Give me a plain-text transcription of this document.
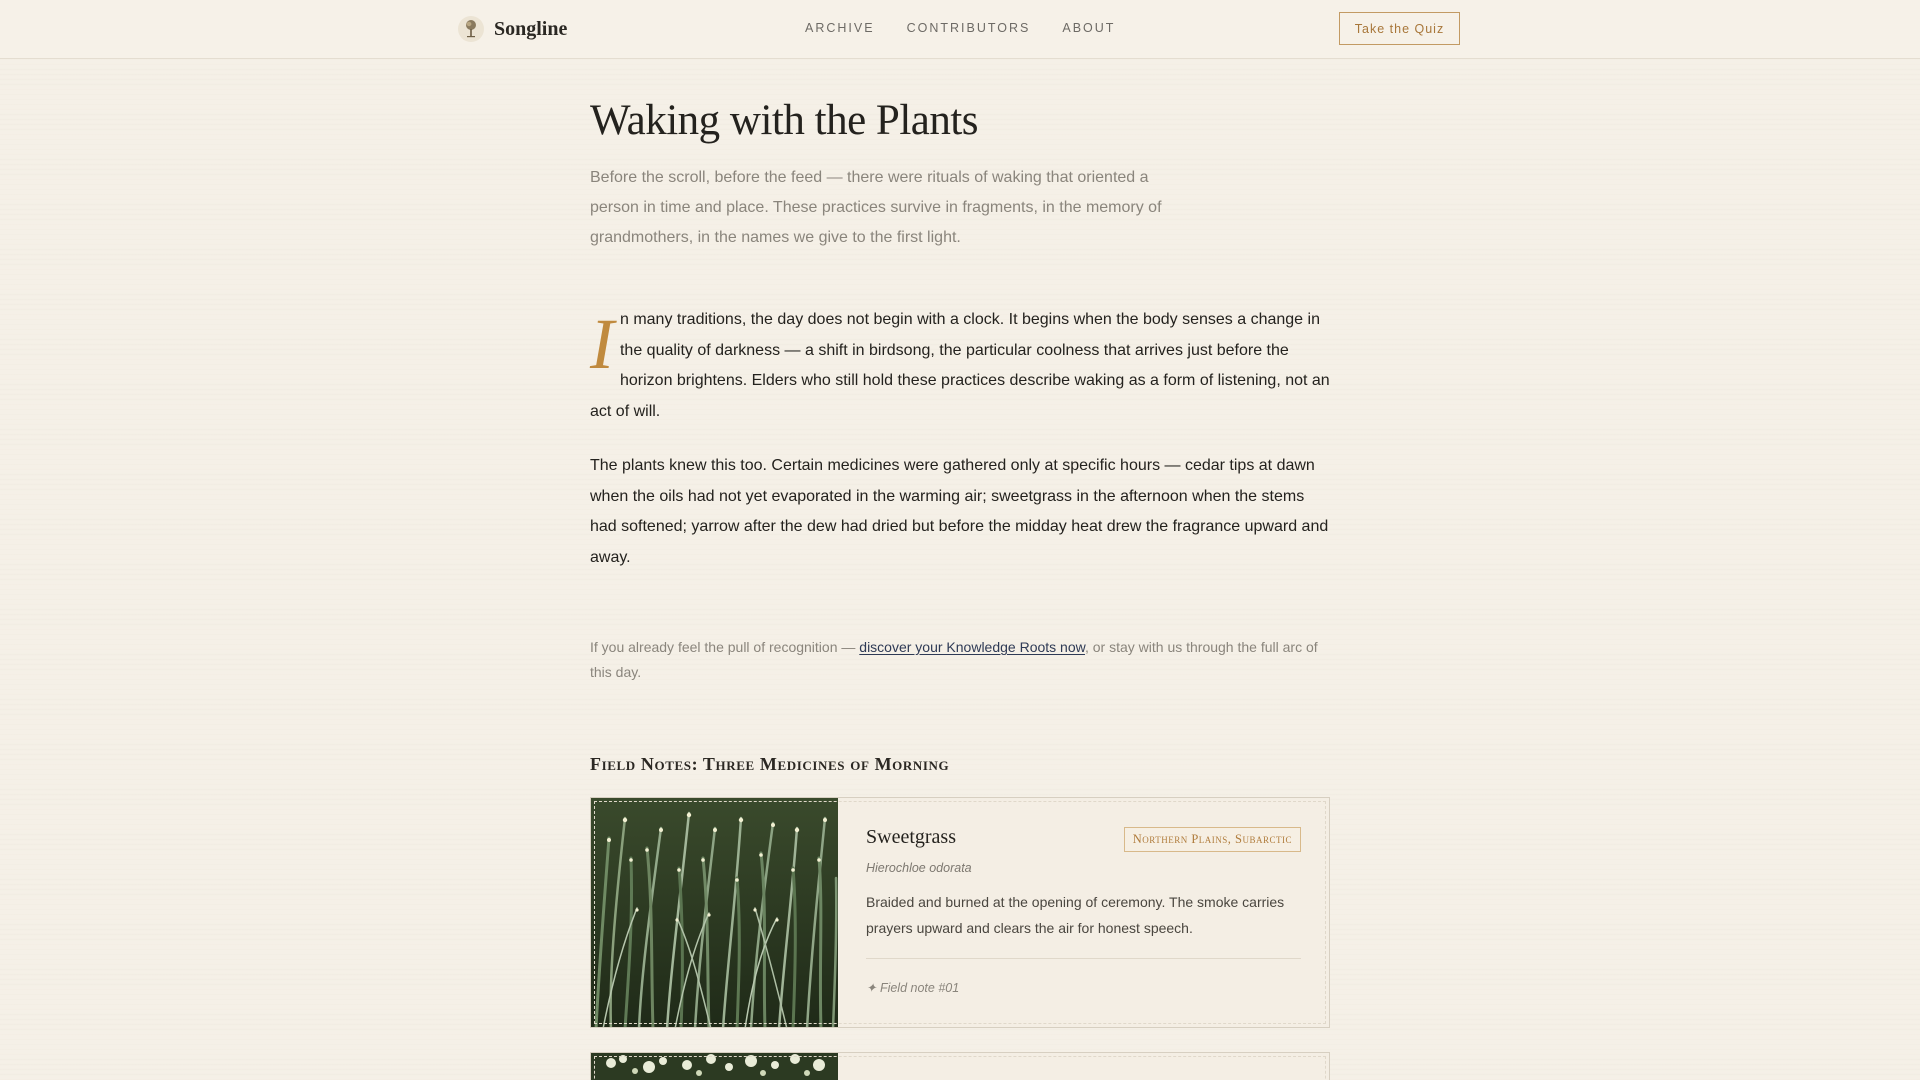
Songline	ARCHIVE	CONTRIBUTORS	ABOUT	Take the Quiz
Waking with the Plants

Before the scroll, before the feed — there were rituals of waking that oriented a person in time and place. These practices survive in fragments, in the memory of grandmothers, in the names we give to the first light.

In many traditions, the day does not begin with a clock. It begins when the body senses a change in the quality of darkness — a shift in birdsong, the particular coolness that arrives just before the horizon brightens. Elders who still hold these practices describe waking as a form of listening, not an act of will.

The plants knew this too. Certain medicines were gathered only at specific hours — cedar tips at dawn when the oils had not yet evaporated in the warming air; sweetgrass in the afternoon when the stems had softened; yarrow after the dew had dried but before the midday heat drew the fragrance upward and away.

If you already feel the pull of recognition — discover your Knowledge Roots now, or stay with us through the full arc of this day.

Field Notes: Three Medicines of Morning
Sweetgrass	Northern Plains, Subarctic
Hierochloe odorata
Braided and burned at the opening of ceremony. The smoke carries prayers upward and clears the air for honest speech.
✦ Field note #01
